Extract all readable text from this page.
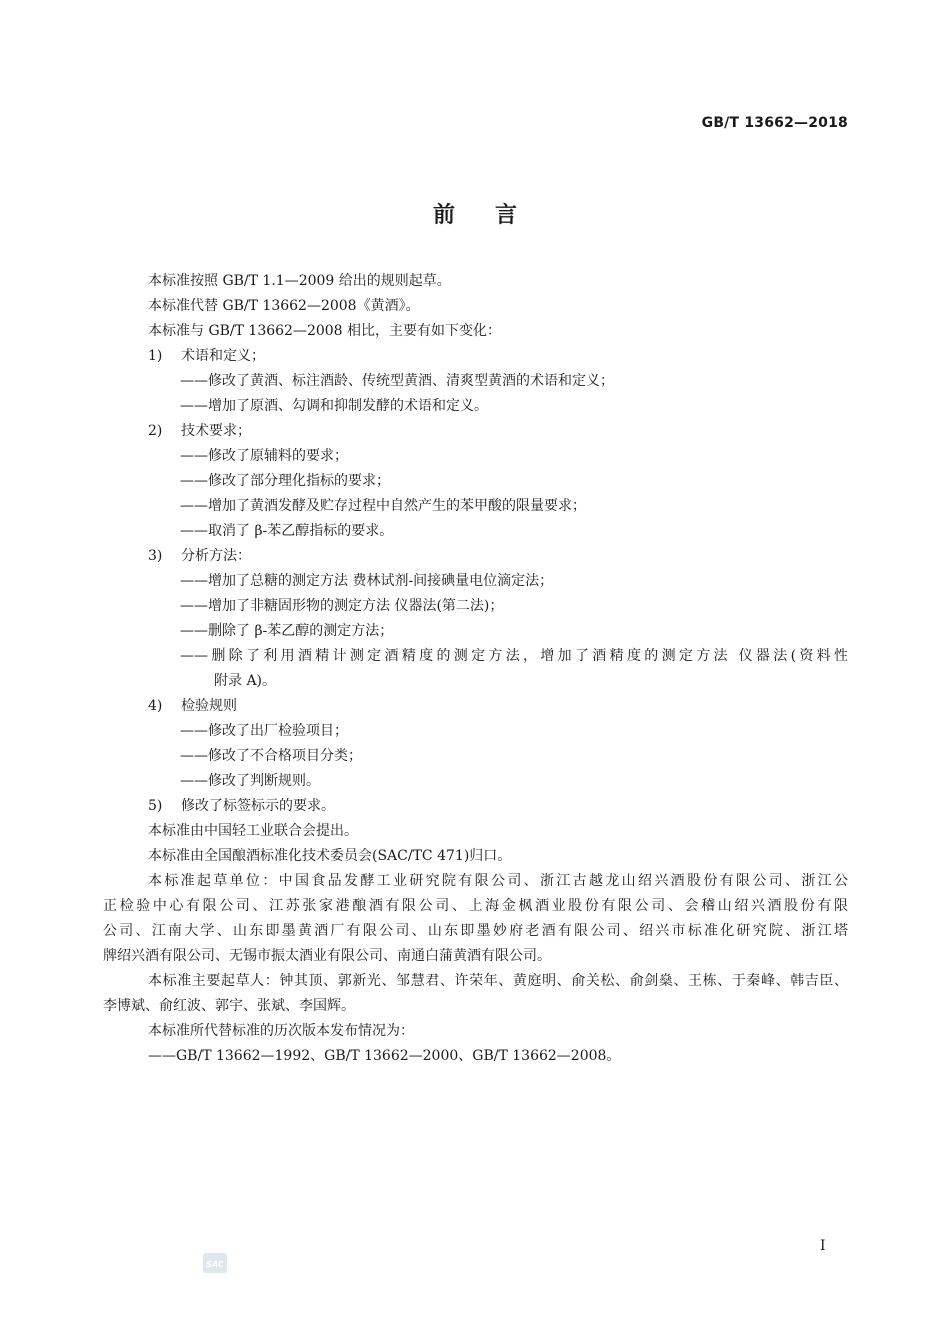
GB/T 13662—2018
前言
本标准按照 GB/T 1.1—2009 给出的规则起草。
本标准代替 GB/T 13662—2008《黄酒》。
本标准与 GB/T 13662—2008 相比，主要有如下变化：
1) 术语和定义；
——修改了黄酒、标注酒龄、传统型黄酒、清爽型黄酒的术语和定义；
——增加了原酒、勾调和抑制发酵的术语和定义。
2) 技术要求；
——修改了原辅料的要求；
——修改了部分理化指标的要求；
——增加了黄酒发酵及贮存过程中自然产生的苯甲酸的限量要求；
——取消了 β-苯乙醇指标的要求。
3) 分析方法：
——增加了总糖的测定方法 费林试剂-间接碘量电位滴定法；
——增加了非糖固形物的测定方法 仪器法(第二法)；
——删除了 β-苯乙醇的测定方法；
——删除了利用酒精计测定酒精度的测定方法，增加了酒精度的测定方法 仪器法(资料性
附录 A)。
4) 检验规则
——修改了出厂检验项目；
——修改了不合格项目分类；
——修改了判断规则。
5) 修改了标签标示的要求。
本标准由中国轻工业联合会提出。
本标准由全国酿酒标准化技术委员会(SAC/TC 471)归口。
本标准起草单位：中国食品发酵工业研究院有限公司、浙江古越龙山绍兴酒股份有限公司、浙江公
正检验中心有限公司、江苏张家港酿酒有限公司、上海金枫酒业股份有限公司、会稽山绍兴酒股份有限
公司、江南大学、山东即墨黄酒厂有限公司、山东即墨妙府老酒有限公司、绍兴市标准化研究院、浙江塔
牌绍兴酒有限公司、无锡市振太酒业有限公司、南通白蒲黄酒有限公司。
本标准主要起草人：钟其顶、郭新光、邹慧君、许荣年、黄庭明、俞关松、俞剑燊、王栋、于秦峰、韩吉臣、
李博斌、俞红波、郭宇、张斌、李国辉。
本标准所代替标准的历次版本发布情况为：
——GB/T 13662—1992、GB/T 13662—2000、GB/T 13662—2008。
I
SAC
